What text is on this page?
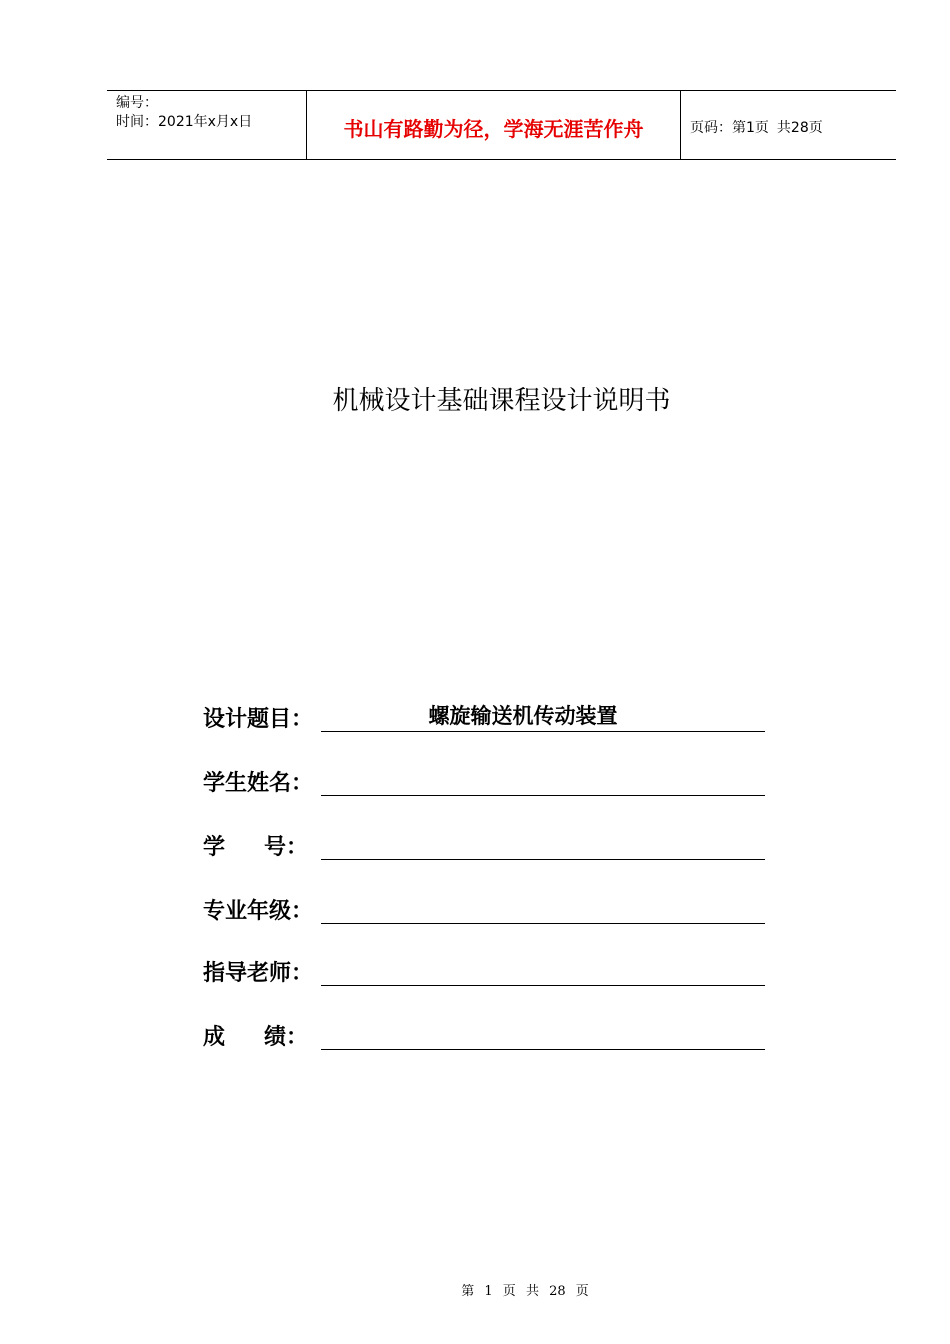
编号：
时间：2021年x月x日	书山有路勤为径，学海无涯苦作舟	页码：第1页 共28页
机械设计基础课程设计说明书
设计题目：	螺旋输送机传动装置
学生姓名：
学 号：
专业年级：
指导老师：
成 绩：
第 1 页 共 28 页
